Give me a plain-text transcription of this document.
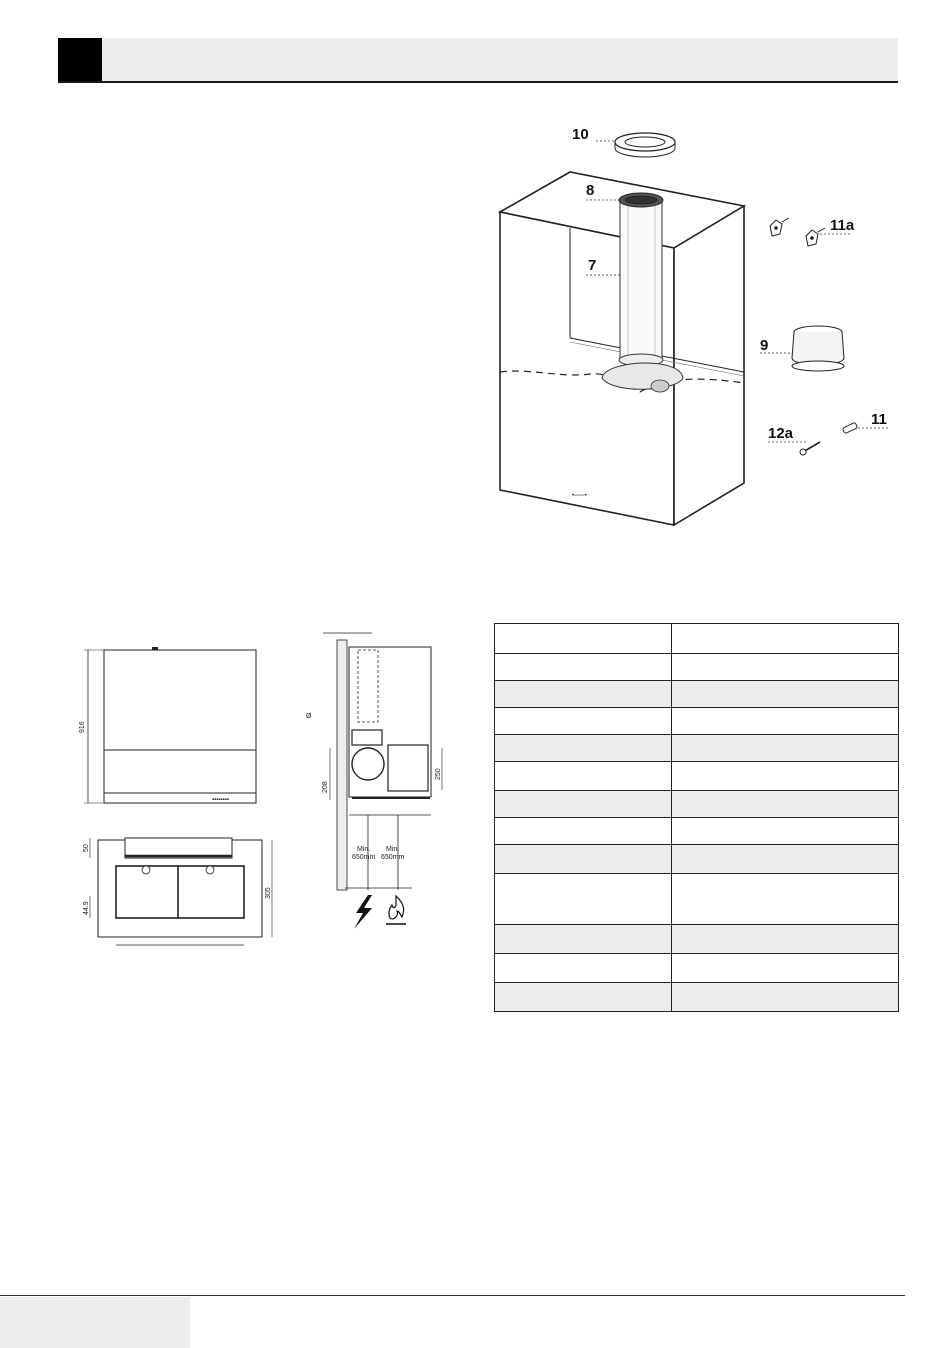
10
•▫▫▫▫▫•
8
7
11a
9
11
12a
▪▪▪▪▪▪▪▪
916
50
44.9
305
Ø
208
250
Min.
650mm
Min.
650mm
